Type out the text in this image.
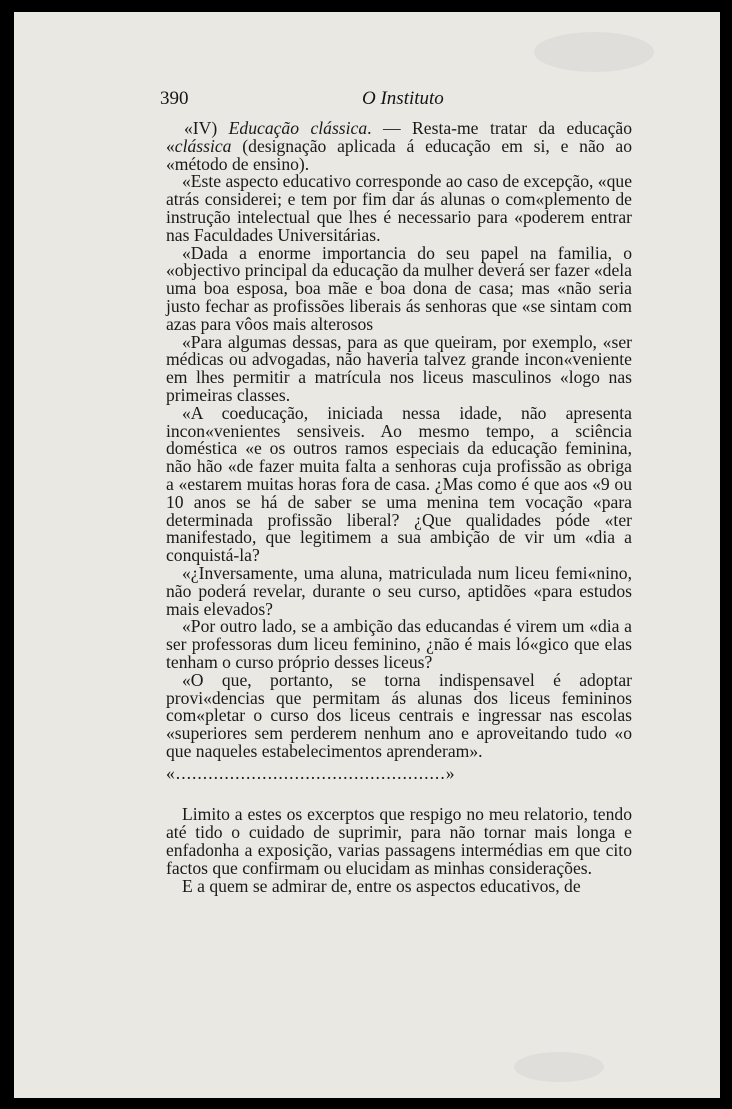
390	O Instituto

«IV) Educação clássica. — Resta-me tratar da educação «clássica (designação aplicada á educação em si, e não ao «método de ensino).

«Este aspecto educativo corresponde ao caso de excepção, «que atrás considerei; e tem por fim dar ás alunas o com«plemento de instrução intelectual que lhes é necessario para «poderem entrar nas Faculdades Universitárias.

«Dada a enorme importancia do seu papel na familia, o «objectivo principal da educação da mulher deverá ser fazer «dela uma boa esposa, boa mãe e boa dona de casa; mas «não seria justo fechar as profissões liberais ás senhoras que «se sintam com azas para vôos mais alterosos

«Para algumas dessas, para as que queiram, por exemplo, «ser médicas ou advogadas, não haveria talvez grande incon«veniente em lhes permitir a matrícula nos liceus masculinos «logo nas primeiras classes.

«A coeducação, iniciada nessa idade, não apresenta incon«venientes sensiveis. Ao mesmo tempo, a sciência doméstica «e os outros ramos especiais da educação feminina, não hão «de fazer muita falta a senhoras cuja profissão as obriga a «estarem muitas horas fora de casa. ¿Mas como é que aos «9 ou 10 anos se há de saber se uma menina tem vocação «para determinada profissão liberal? ¿Que qualidades póde «ter manifestado, que legitimem a sua ambição de vir um «dia a conquistá-la?

«¿Inversamente, uma aluna, matriculada num liceu femi«nino, não poderá revelar, durante o seu curso, aptidões «para estudos mais elevados?

«Por outro lado, se a ambição das educandas é virem um «dia a ser professoras dum liceu feminino, ¿não é mais ló«gico que elas tenham o curso próprio desses liceus?

«O que, portanto, se torna indispensavel é adoptar provi«dencias que permitam ás alunas dos liceus femininos com«pletar o curso dos liceus centrais e ingressar nas escolas «superiores sem perderem nenhum ano e aproveitando tudo «o que naqueles estabelecimentos aprenderam».

«..................................................»

Limito a estes os excerptos que respigo no meu relatorio, tendo até tido o cuidado de suprimir, para não tornar mais longa e enfadonha a exposição, varias passagens intermédias em que cito factos que confirmam ou elucidam as minhas considerações.

E a quem se admirar de, entre os aspectos educativos, de
